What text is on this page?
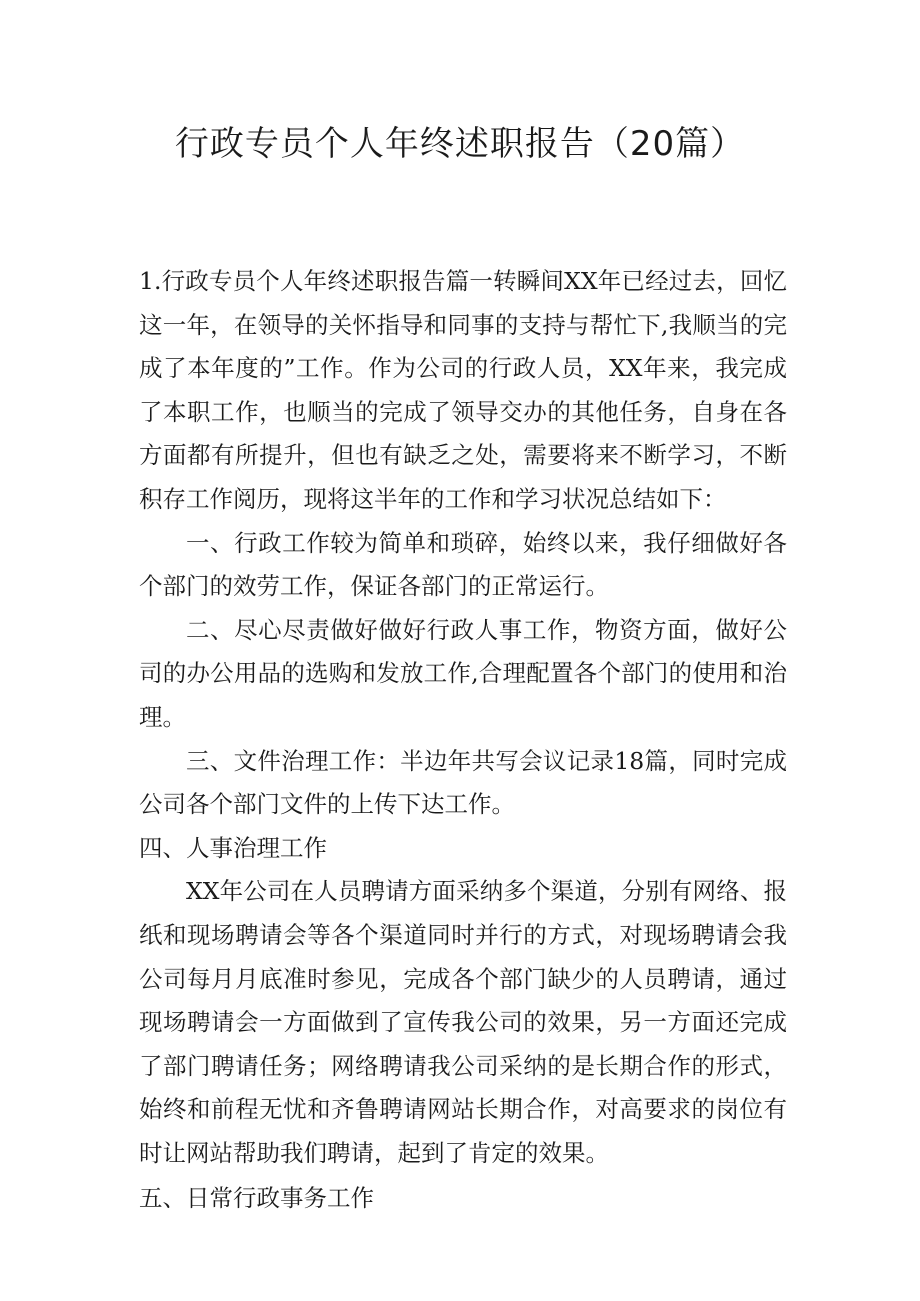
行政专员个人年终述职报告（20篇）

1.行政专员个人年终述职报告篇一转瞬间XX年已经过去，回忆这一年，在领导的关怀指导和同事的支持与帮忙下,我顺当的完成了本年度的”工作。作为公司的行政人员，XX年来，我完成了本职工作，也顺当的完成了领导交办的其他任务，自身在各方面都有所提升，但也有缺乏之处，需要将来不断学习，不断积存工作阅历，现将这半年的工作和学习状况总结如下：

一、行政工作较为简单和琐碎，始终以来，我仔细做好各个部门的效劳工作，保证各部门的正常运行。

二、尽心尽责做好做好行政人事工作，物资方面，做好公司的办公用品的选购和发放工作,合理配置各个部门的使用和治理。

三、文件治理工作：半边年共写会议记录18篇，同时完成公司各个部门文件的上传下达工作。

四、人事治理工作

XX年公司在人员聘请方面采纳多个渠道，分别有网络、报纸和现场聘请会等各个渠道同时并行的方式，对现场聘请会我公司每月月底准时参见，完成各个部门缺少的人员聘请，通过现场聘请会一方面做到了宣传我公司的效果，另一方面还完成了部门聘请任务；网络聘请我公司采纳的是长期合作的形式，始终和前程无忧和齐鲁聘请网站长期合作，对高要求的岗位有时让网站帮助我们聘请，起到了肯定的效果。

五、日常行政事务工作
